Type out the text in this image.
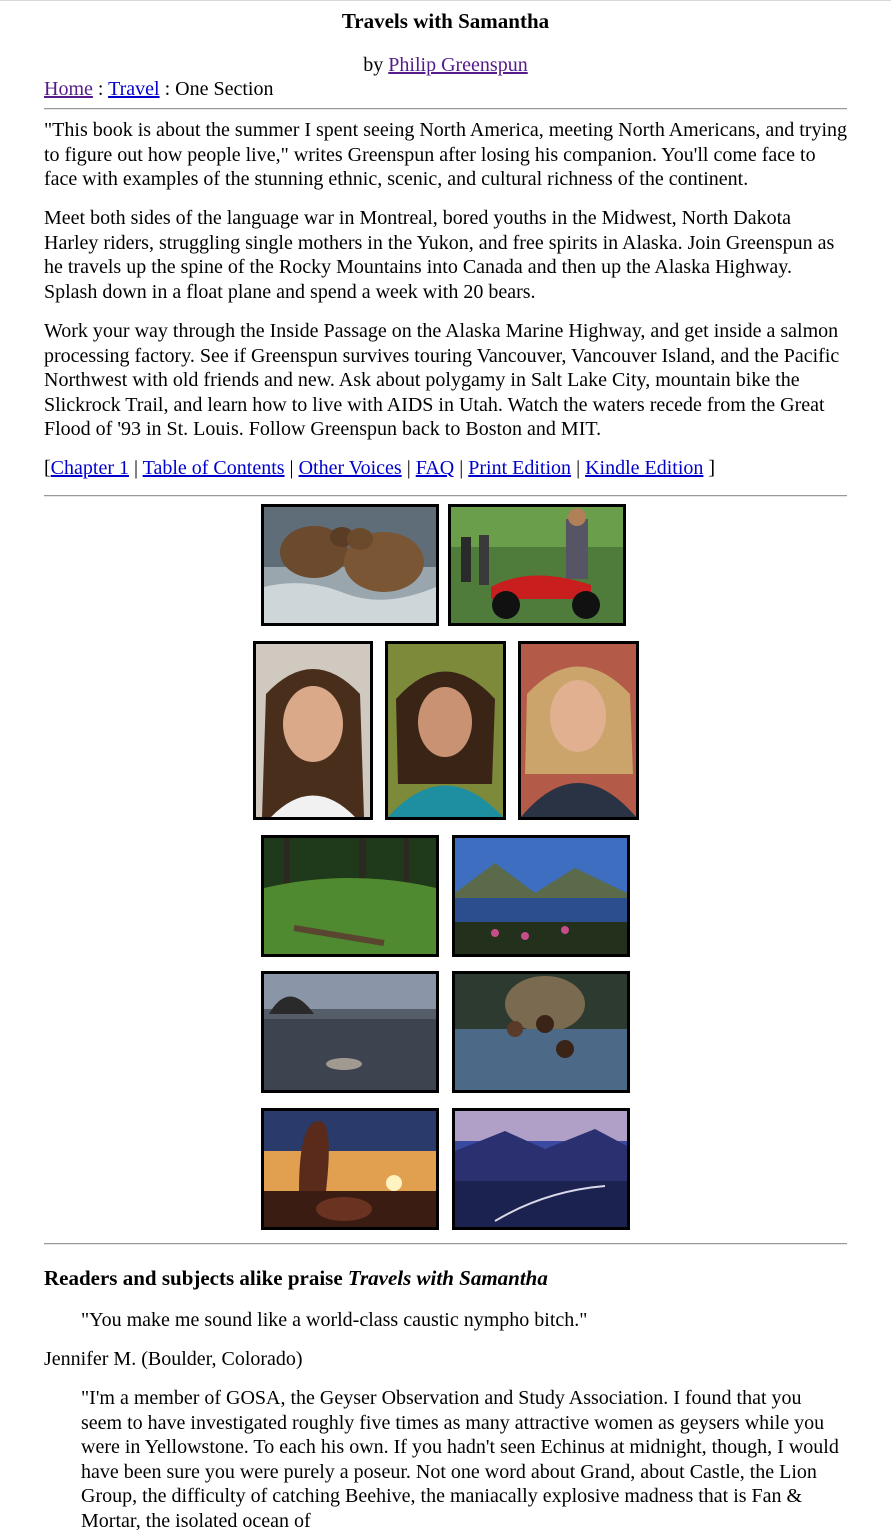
Travels with Samantha
by Philip Greenspun
Home : Travel : One Section

"This book is about the summer I spent seeing North America, meeting North Americans, and trying to figure out how people live," writes Greenspun after losing his companion. You'll come face to face with examples of the stunning ethnic, scenic, and cultural richness of the continent.

Meet both sides of the language war in Montreal, bored youths in the Midwest, North Dakota Harley riders, struggling single mothers in the Yukon, and free spirits in Alaska. Join Greenspun as he travels up the spine of the Rocky Mountains into Canada and then up the Alaska Highway. Splash down in a float plane and spend a week with 20 bears.

Work your way through the Inside Passage on the Alaska Marine Highway, and get inside a salmon processing factory. See if Greenspun survives touring Vancouver, Vancouver Island, and the Pacific Northwest with old friends and new. Ask about polygamy in Salt Lake City, mountain bike the Slickrock Trail, and learn how to live with AIDS in Utah. Watch the waters recede from the Great Flood of '93 in St. Louis. Follow Greenspun back to Boston and MIT.

[Chapter 1 | Table of Contents | Other Voices | FAQ | Print Edition | Kindle Edition ]
Readers and subjects alike praise Travels with Samantha

"You make me sound like a world-class caustic nympho bitch."

Jennifer M. (Boulder, Colorado)

"I'm a member of GOSA, the Geyser Observation and Study Association. I found that you seem to have investigated roughly five times as many attractive women as geysers while you were in Yellowstone. To each his own. If you hadn't seen Echinus at midnight, though, I would have been sure you were purely a poseur. Not one word about Grand, about Castle, the Lion Group, the difficulty of catching Beehive, the maniacally explosive madness that is Fan & Mortar, the isolated ocean of
